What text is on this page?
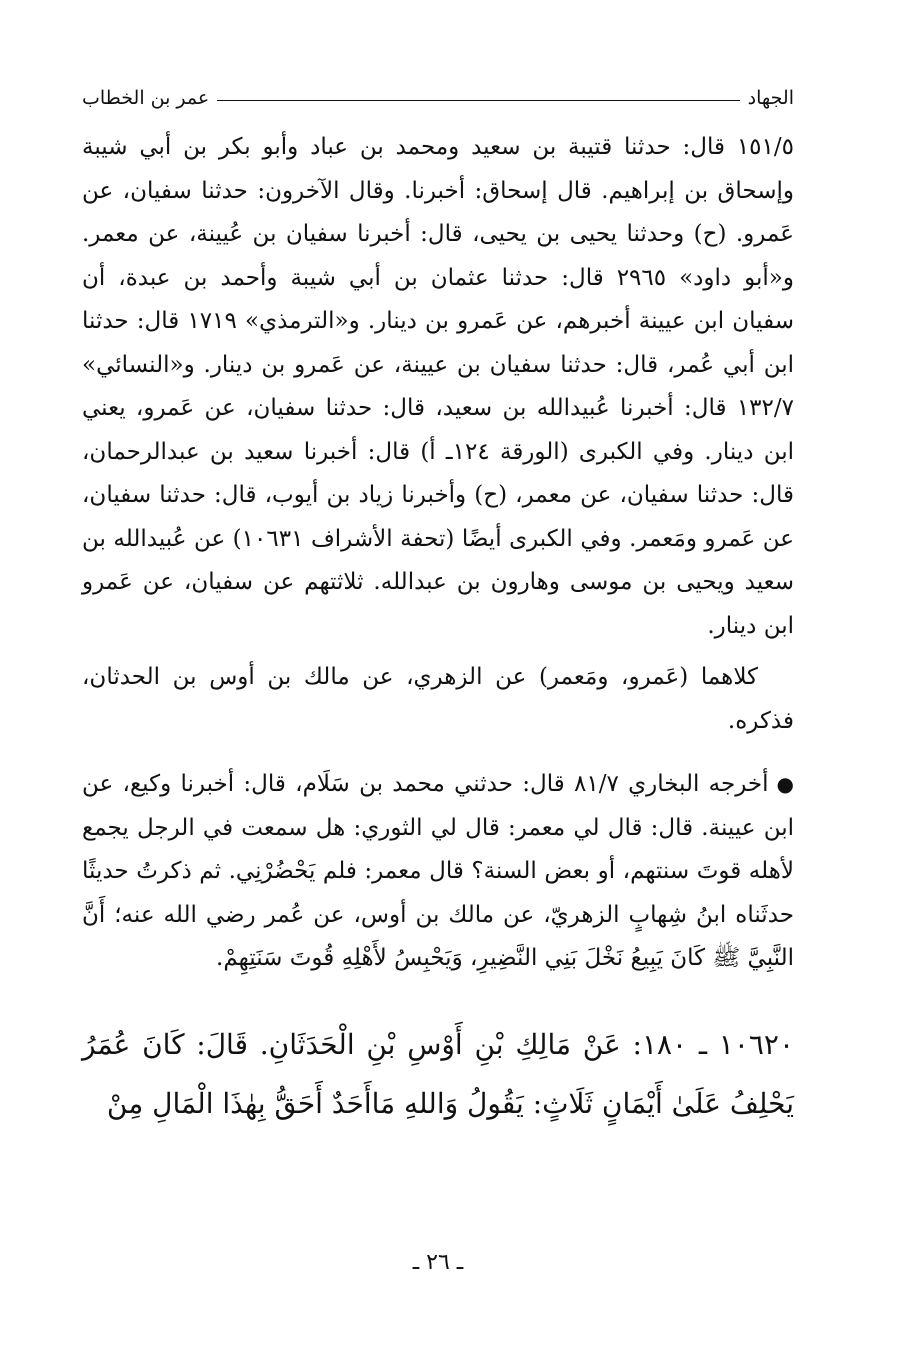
الجهاد
عمر بن الخطاب

١٥١/٥ قال: حدثنا قتيبة بن سعيد ومحمد بن عباد وأبو بكر بن أبي شيبة وإسحاق بن إبراهيم. قال إسحاق: أخبرنا. وقال الآخرون: حدثنا سفيان، عن عَمرو. (ح) وحدثنا يحيى بن يحيى، قال: أخبرنا سفيان بن عُيينة، عن معمر. و«أبو داود» ٢٩٦٥ قال: حدثنا عثمان بن أبي شيبة وأحمد بن عبدة، أن سفيان ابن عيينة أخبرهم، عن عَمرو بن دينار. و«الترمذي» ١٧١٩ قال: حدثنا ابن أبي عُمر، قال: حدثنا سفيان بن عيينة، عن عَمرو بن دينار. و«النسائي» ١٣٢/٧ قال: أخبرنا عُبيدالله بن سعيد، قال: حدثنا سفيان، عن عَمرو، يعني ابن دينار. وفي الكبرى (الورقة ١٢٤ـ أ) قال: أخبرنا سعيد بن عبدالرحمان، قال: حدثنا سفيان، عن معمر، (ح) وأخبرنا زياد بن أيوب، قال: حدثنا سفيان، عن عَمرو ومَعمر. وفي الكبرى أيضًا (تحفة الأشراف ١٠٦٣١) عن عُبيدالله بن سعيد ويحيى بن موسى وهارون بن عبدالله. ثلاثتهم عن سفيان، عن عَمرو ابن دينار.

كلاهما (عَمرو، ومَعمر) عن الزهري، عن مالك بن أوس بن الحدثان، فذكره.

●أخرجه البخاري ٨١/٧ قال: حدثني محمد بن سَلَام، قال: أخبرنا وكيع، عن ابن عيينة. قال: قال لي معمر: قال لي الثوري: هل سمعت في الرجل يجمع لأهله قوتَ سنتهم، أو بعض السنة؟ قال معمر: فلم يَحْضُرْنِي. ثم ذكرتُ حديثًا حدثَناه ابنُ شِهابٍ الزهريّ، عن مالك بن أوس، عن عُمر رضي الله عنه؛ أَنَّ النَّبِيَّ ﷺ كَانَ يَبِيعُ نَخْلَ بَنِي النَّضِيرِ، وَيَحْبِسُ لأَهْلِهِ قُوتَ سَنَتِهِمْ.

١٠٦٢٠ ـ ١٨٠: عَنْ مَالِكِ بْنِ أَوْسِ بْنِ الْحَدَثَانِ. قَالَ: كَانَ عُمَرُ يَحْلِفُ عَلَىٰ أَيْمَانٍ ثَلَاثٍ: يَقُولُ وَاللهِ مَاأَحَدٌ أَحَقُّ بِهٰذَا الْمَالِ مِنْ

ـ ٢٦ ـ
